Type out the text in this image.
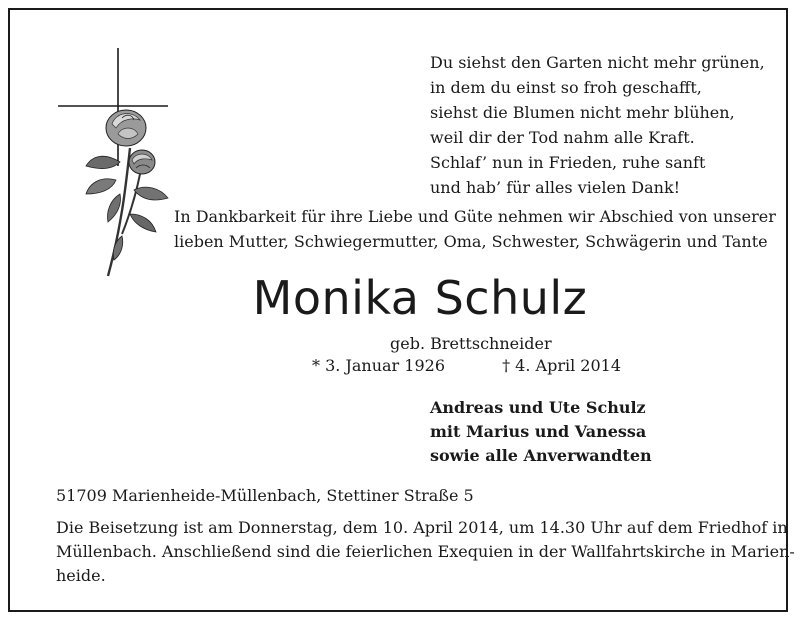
Du siehst den Garten nicht mehr grünen,
in dem du einst so froh geschafft,
siehst die Blumen nicht mehr blühen,
weil dir der Tod nahm alle Kraft.
Schlaf’ nun in Frieden, ruhe sanft
und hab’ für alles vielen Dank!
In Dankbarkeit für ihre Liebe und Güte nehmen wir Abschied von unserer
lieben Mutter, Schwiegermutter, Oma, Schwester, Schwägerin und Tante
Monika Schulz
geb. Brettschneider
* 3. Januar 1926	† 4. April 2014
Andreas und Ute Schulz
mit Marius und Vanessa
sowie alle Anverwandten
51709 Marienheide-Müllenbach, Stettiner Straße 5
Die Beisetzung ist am Donnerstag, dem 10. April 2014, um 14.30 Uhr auf dem Friedhof in
Müllenbach. Anschließend sind die feierlichen Exequien in der Wallfahrtskirche in Marien-
heide.
